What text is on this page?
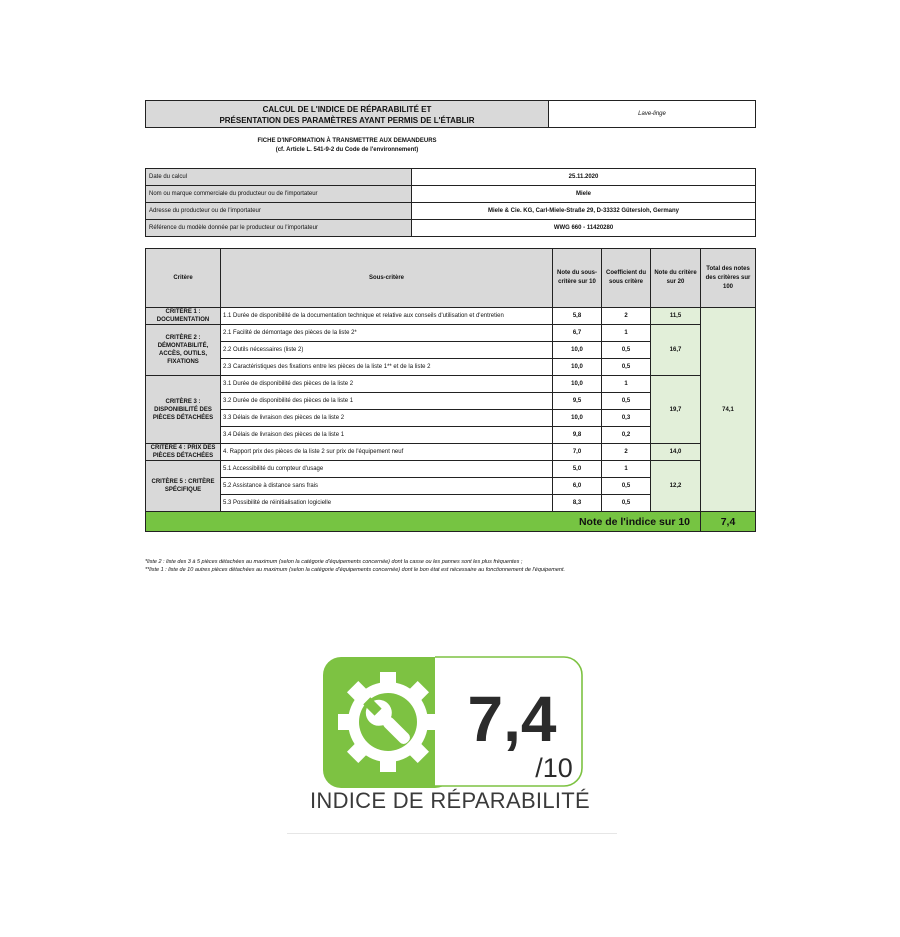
CALCUL DE L'INDICE DE RÉPARABILITÉ ET
PRÉSENTATION DES PARAMÈTRES AYANT PERMIS DE L'ÉTABLIR
Lave-linge
FICHE D'INFORMATION À TRANSMETTRE AUX DEMANDEURS
(cf. Article L. 541-9-2 du Code de l'environnement)
Date du calcul	25.11.2020
Nom ou marque commerciale du producteur ou de l'importateur	Miele
Adresse du producteur ou de l'importateur	Miele & Cie. KG, Carl-Miele-Straße 29, D-33332 Gütersloh, Germany
Référence du modèle donnée par le producteur ou l'importateur	WWG 660 - 11420280
Critère	Sous-critère	Note du sous-critère sur 10	Coefficient du sous critère	Note du critère sur 20	Total des notes des critères sur 100
CRITÈRE 1 : DOCUMENTATION	1.1 Durée de disponibilité de la documentation technique et relative aux conseils d'utilisation et d'entretien	5,8	2	11,5	74,1
CRITÈRE 2 : DÉMONTABILITÉ, ACCÈS, OUTILS, FIXATIONS	2.1 Facilité de démontage des pièces de la liste 2*	6,7	1	16,7	
	2.2 Outils nécessaires (liste 2)	10,0	0,5		
	2.3 Caractéristiques des fixations entre les pièces de la liste 1** et de la liste 2	10,0	0,5		
CRITÈRE 3 : DISPONIBILITÉ DES PIÈCES DÉTACHÉES	3.1 Durée de disponibilité des pièces de la liste 2	10,0	1	19,7	
	3.2 Durée de disponibilité des pièces de la liste 1	9,5	0,5		
	3.3 Délais de livraison des pièces de la liste 2	10,0	0,3		
	3.4 Délais de livraison des pièces de la liste 1	9,8	0,2		
CRITÈRE 4 : PRIX DES PIÈCES DÉTACHÉES	4. Rapport prix des pièces de la liste 2 sur prix de l'équipement neuf	7,0	2	14,0	
CRITÈRE 5 : CRITÈRE SPÉCIFIQUE	5.1 Accessibilité du compteur d'usage	5,0	1	12,2	
	5.2 Assistance à distance sans frais	6,0	0,5		
	5.3 Possibilité de réinitialisation logicielle	8,3	0,5		
Note de l'indice sur 10					7,4
*liste 2 : liste des 3 à 5 pièces détachées au maximum (selon la catégorie d'équipements concernée) dont la casse ou les pannes sont les plus fréquentes ;
**liste 1 : liste de 10 autres pièces détachées au maximum (selon la catégorie d'équipements concernée) dont le bon état est nécessaire au fonctionnement de l'équipement.
7,4
/10
INDICE DE RÉPARABILITÉ
